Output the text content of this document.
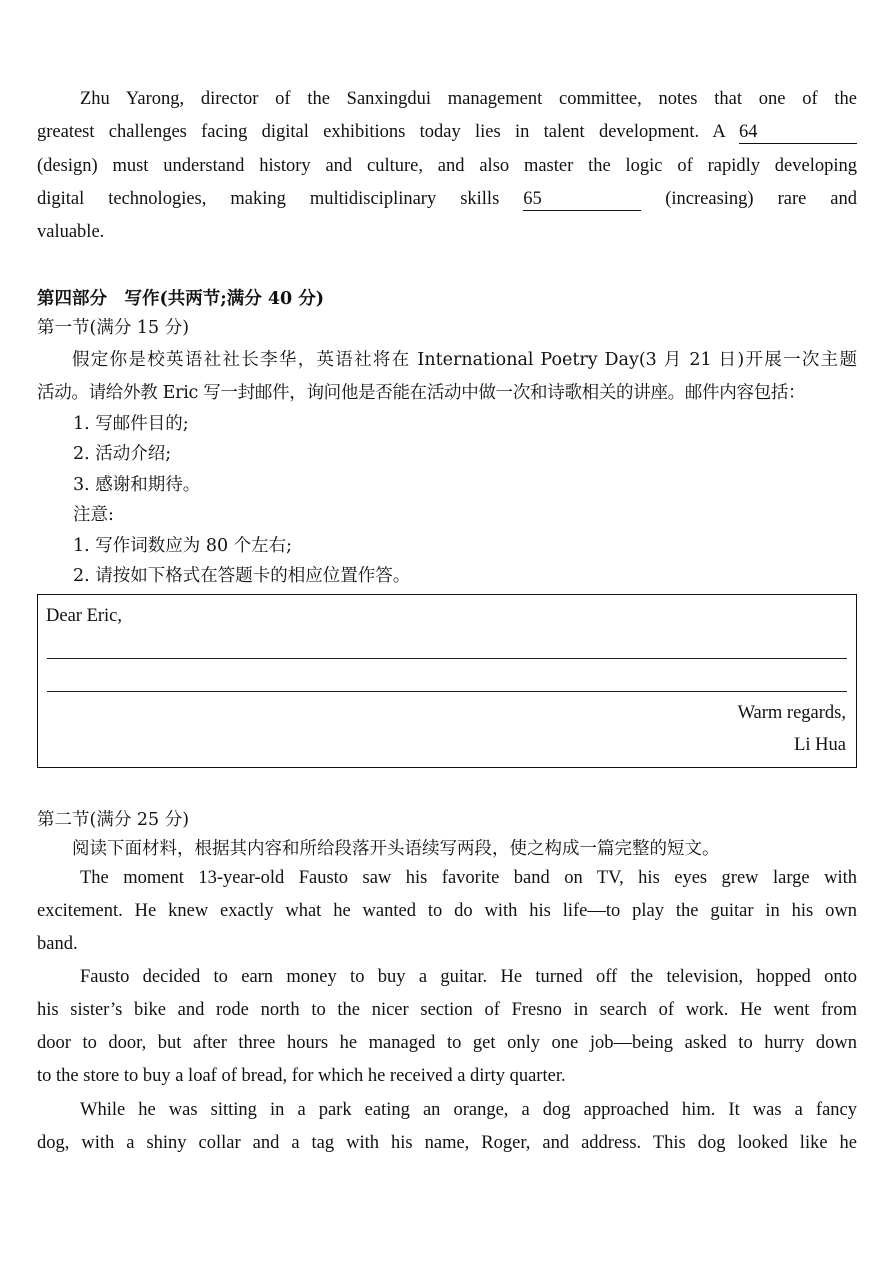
Zhu Yarong, director of the Sanxingdui management committee, notes that one of the
greatest challenges facing digital exhibitions today lies in talent development. A 64
(design) must understand history and culture, and also master the logic of rapidly developing
digital technologies, making multidisciplinary skills 65	(increasing) rare and
valuable.
第四部分　写作(共两节;满分 40 分)
第一节(满分 15 分)
假定你是校英语社社长李华，英语社将在 International Poetry Day(3 月 21 日)开展一次主题
活动。请给外教 Eric 写一封邮件，询问他是否能在活动中做一次和诗歌相关的讲座。邮件内容包括：
1. 写邮件目的;
2. 活动介绍;
3. 感谢和期待。
注意:
1. 写作词数应为 80 个左右;
2. 请按如下格式在答题卡的相应位置作答。
Dear Eric,
Warm regards,
Li Hua
第二节(满分 25 分)
阅读下面材料，根据其内容和所给段落开头语续写两段，使之构成一篇完整的短文。
The moment 13-year-old Fausto saw his favorite band on TV, his eyes grew large with
excitement. He knew exactly what he wanted to do with his life—to play the guitar in his own
band.
Fausto decided to earn money to buy a guitar. He turned off the television, hopped onto
his sister’s bike and rode north to the nicer section of Fresno in search of work. He went from
door to door, but after three hours he managed to get only one job—being asked to hurry down
to the store to buy a loaf of bread, for which he received a dirty quarter.
While he was sitting in a park eating an orange, a dog approached him. It was a fancy
dog, with a shiny collar and a tag with his name, Roger, and address. This dog looked like he
